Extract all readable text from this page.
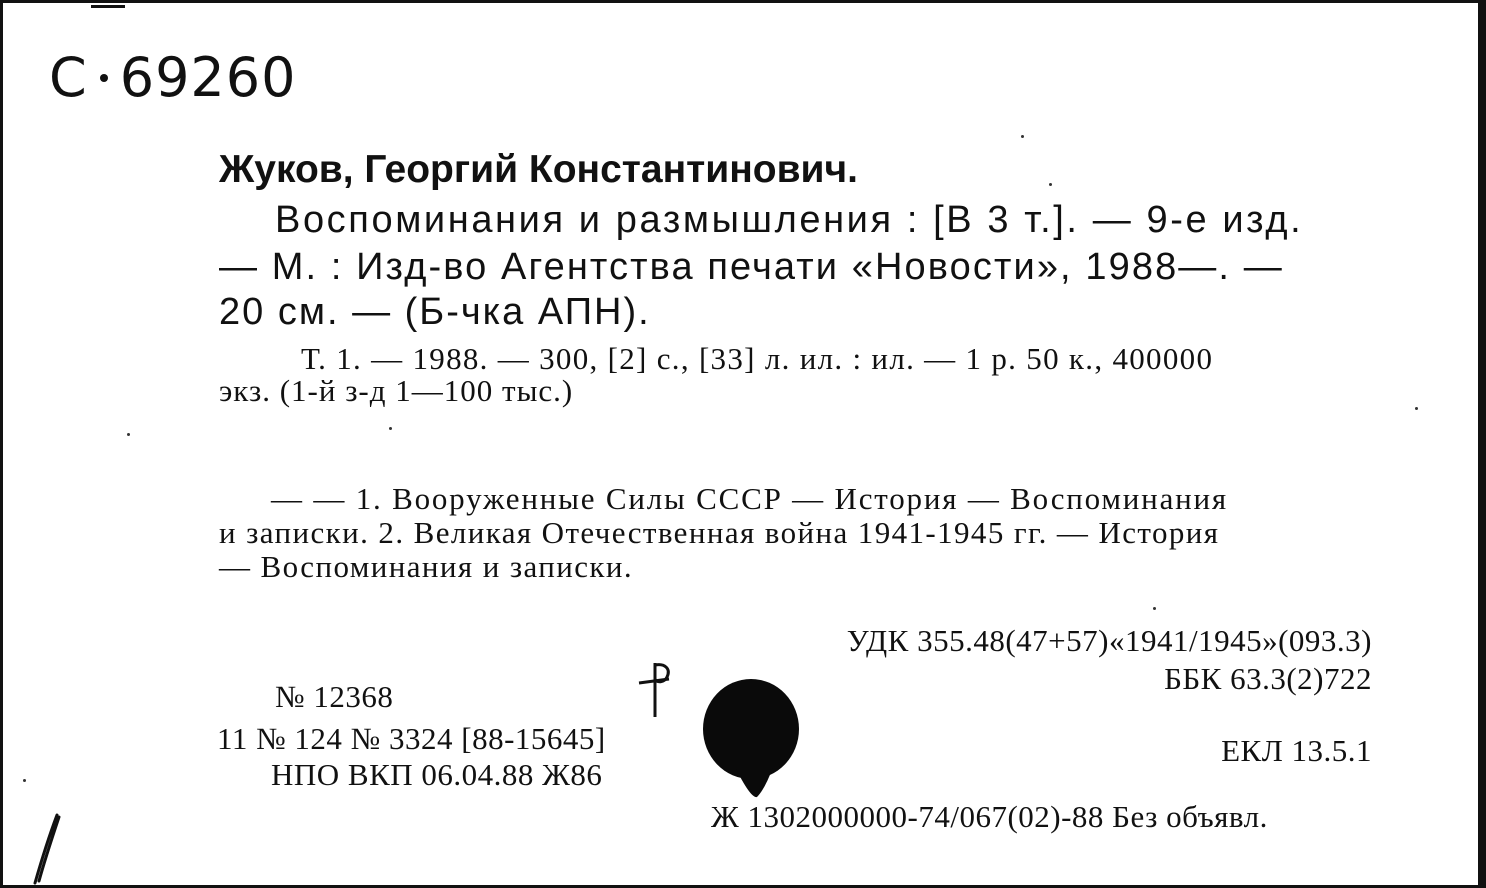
С 69260
Жуков, Георгий Константинович.
Воспоминания и размышления : [В 3 т.]. — 9-е изд.
— М. : Изд-во Агентства печати «Новости», 1988—. —
20 см. — (Б-чка АПН).
Т. 1. — 1988. — 300, [2] с., [33] л. ил. : ил. — 1 р. 50 к., 400000
экз. (1-й з-д 1—100 тыс.)
— — 1. Вооруженные Силы СССР — История — Воспоминания
и записки. 2. Великая Отечественная война 1941-1945 гг. — История
— Воспоминания и записки.
УДК 355.48(47+57)«1941/1945»(093.3)
ББК 63.3(2)722
ЕКЛ 13.5.1
№ 12368
11 № 124 № 3324 [88-15645]
НПО ВКП 06.04.88 Ж86
Ж 1302000000-74/067(02)-88 Без объявл.
